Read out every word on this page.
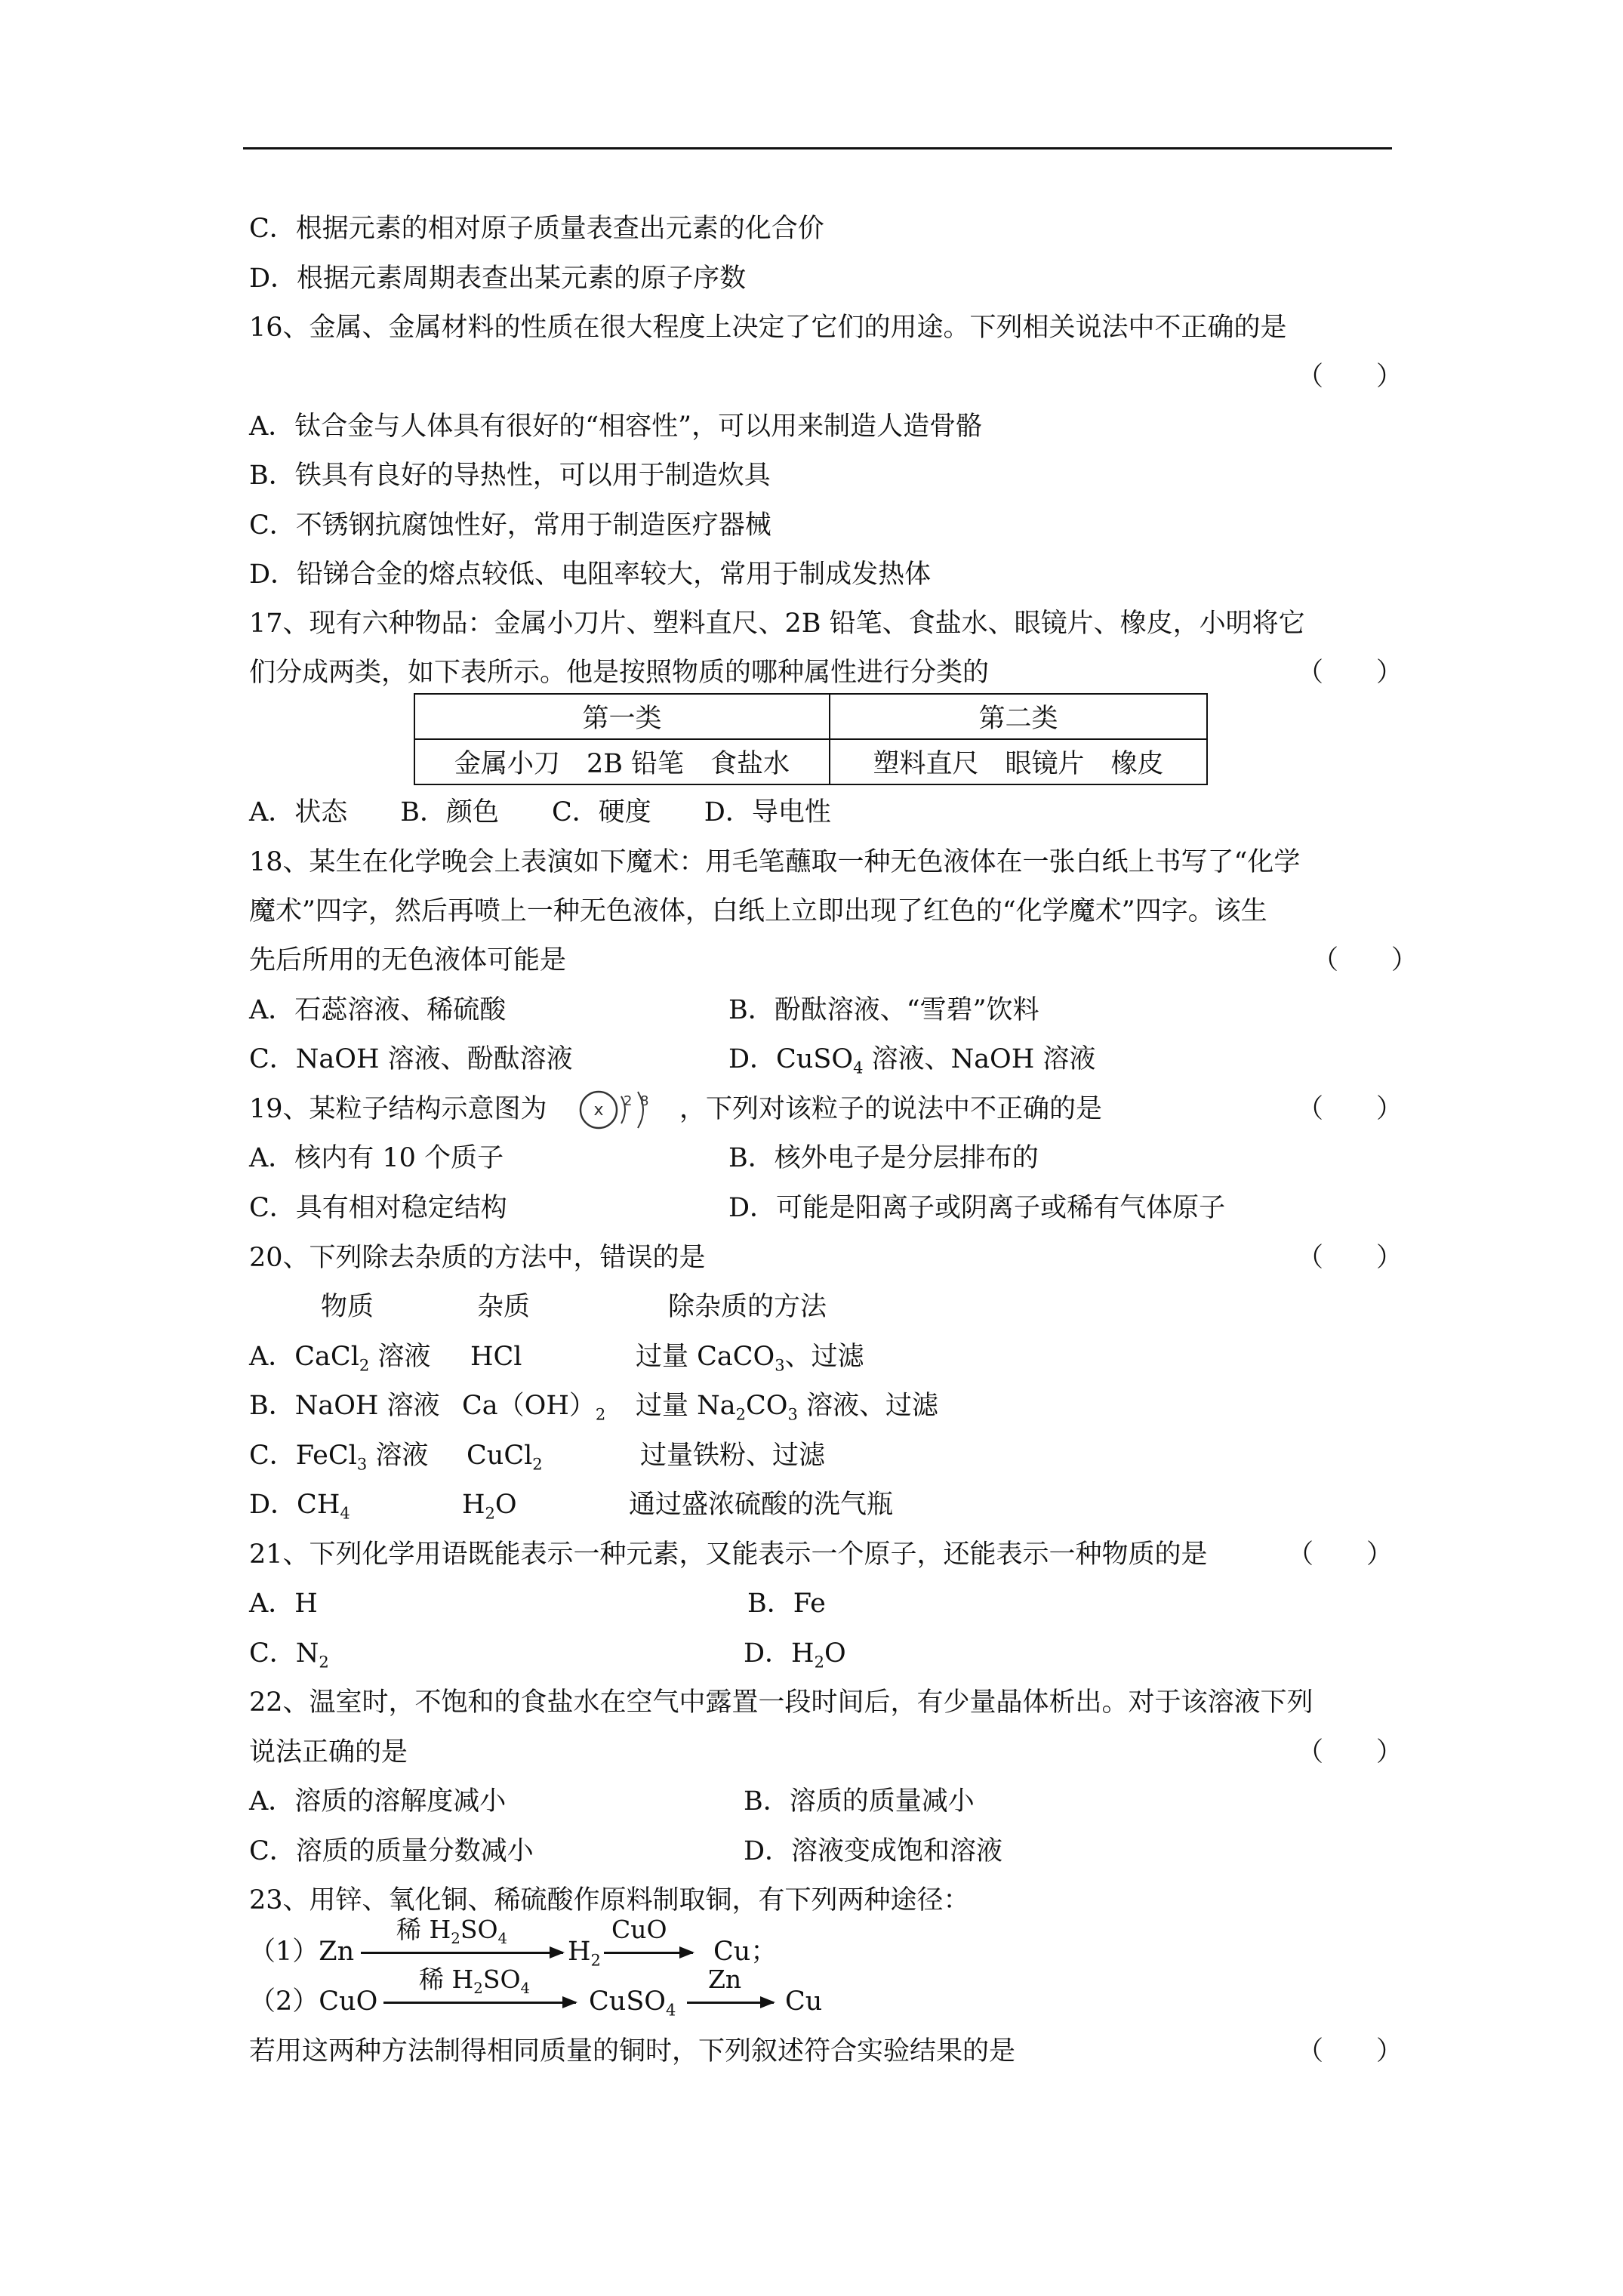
C．根据元素的相对原子质量表查出元素的化合价
D．根据元素周期表查出某元素的原子序数
16、金属、金属材料的性质在很大程度上决定了它们的用途。下列相关说法中不正确的是
（　　）
A．钛合金与人体具有很好的“相容性”，可以用来制造人造骨骼
B．铁具有良好的导热性，可以用于制造炊具
C．不锈钢抗腐蚀性好，常用于制造医疗器械
D．铅锑合金的熔点较低、电阻率较大，常用于制成发热体
17、现有六种物品：金属小刀片、塑料直尺、2B 铅笔、食盐水、眼镜片、橡皮，小明将它
们分成两类，如下表所示。他是按照物质的哪种属性进行分类的	（　　）
第一类	第二类
金属小刀　2B 铅笔　食盐水	塑料直尺　眼镜片　橡皮
A．状态　　B．颜色　　C．硬度　　D．导电性
18、某生在化学晚会上表演如下魔术：用毛笔蘸取一种无色液体在一张白纸上书写了“化学
魔术”四字，然后再喷上一种无色液体，白纸上立即出现了红色的“化学魔术”四字。该生
先后所用的无色液体可能是	（　　）
A．石蕊溶液、稀硫酸	B．酚酞溶液、“雪碧”饮料
C．NaOH 溶液、酚酞溶液	D．CuSO$_4$ 溶液、NaOH 溶液
19、某粒子结构示意图为	x 2 8 ，下列对该粒子的说法中不正确的是	（　　）
A．核内有 10 个质子	B．核外电子是分层排布的
C．具有相对稳定结构	D．可能是阳离子或阴离子或稀有气体原子
20、下列除去杂质的方法中，错误的是	（　　）
物质	杂质	除杂质的方法
A．CaCl$_2$ 溶液 HCl	过量 CaCO$_3$、过滤
B．NaOH 溶液 $Ca(OH)_2$ 过量 $Na_2CO_3$ 溶液、过滤
C．FeCl$_3$ 溶液 CuCl$_2$	过量铁粉、过滤
D．$CH_4$	$H_2O$	通过盛浓硫酸的洗气瓶
21、下列化学用语既能表示一种元素，又能表示一个原子，还能表示一种物质的是	（　　）
A．H	B．Fe
C．$N_2$	D．$H_2O$
22、温室时，不饱和的食盐水在空气中露置一段时间后，有少量晶体析出。对于该溶液下列
说法正确的是	（　　）
A．溶质的溶解度减小	B．溶质的质量减小
C．溶质的质量分数减小	D．溶液变成饱和溶液
23、用锌、氧化铜、稀硫酸作原料制取铜，有下列两种途径：
（1）Zn
稀 $H_2SO_4$ $H_2$
CuO
Cu；
（2）CuO
稀 $H_2SO_4$ CuSO$_4$
Zn
Cu
若用这两种方法制得相同质量的铜时，下列叙述符合实验结果的是	（　　）
